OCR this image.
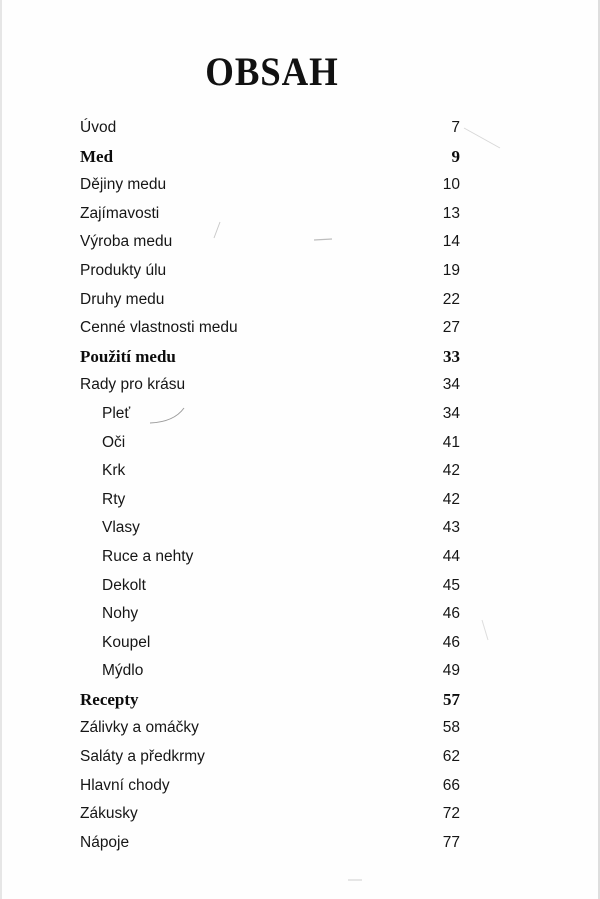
OBSAH
Úvod	7
Med	9
Dějiny medu	10
Zajímavosti	13
Výroba medu	14
Produkty úlu	19
Druhy medu	22
Cenné vlastnosti medu	27
Použití medu	33
Rady pro krásu	34
Pleť	34
Oči	41
Krk	42
Rty	42
Vlasy	43
Ruce a nehty	44
Dekolt	45
Nohy	46
Koupel	46
Mýdlo	49
Recepty	57
Zálivky a omáčky	58
Saláty a předkrmy	62
Hlavní chody	66
Zákusky	72
Nápoje	77
